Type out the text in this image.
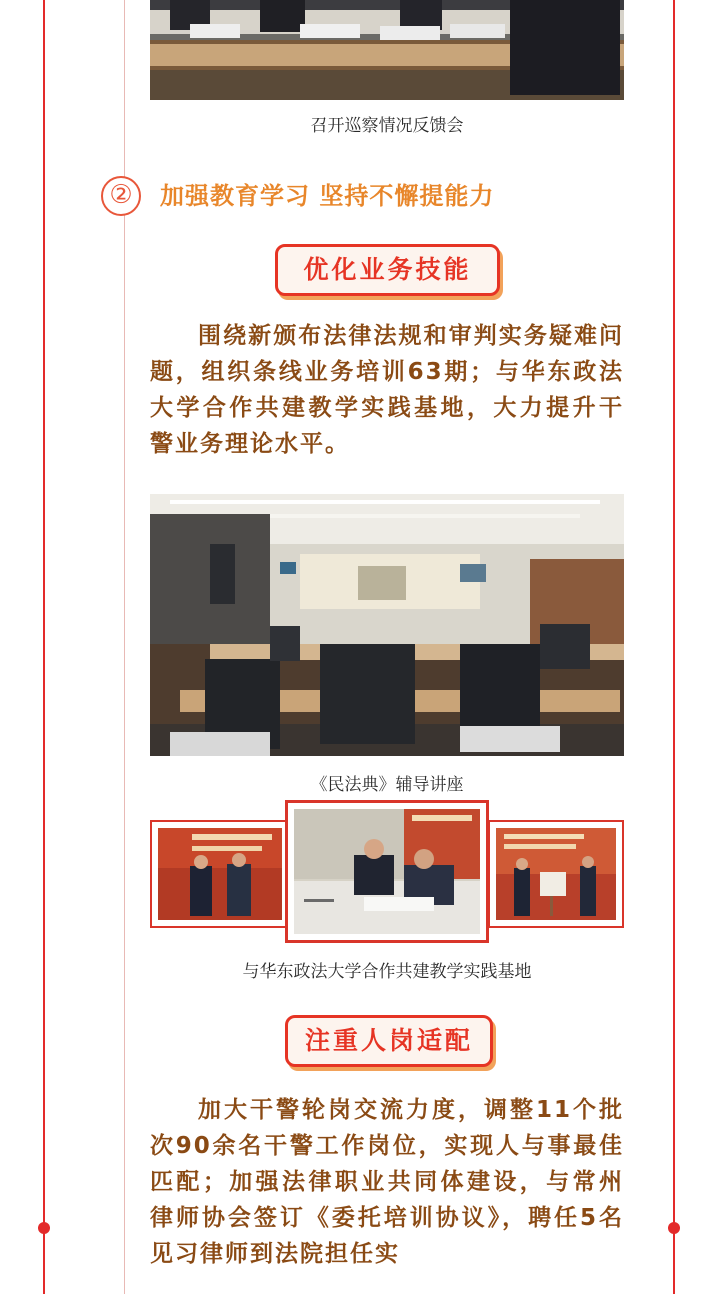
召开巡察情况反馈会
②	加强教育学习 坚持不懈提能力
优化业务技能
围绕新颁布法律法规和审判实务疑难问题，组织条线业务培训63期；与华东政法大学合作共建教学实践基地，大力提升干警业务理论水平。
《民法典》辅导讲座
与华东政法大学合作共建教学实践基地
注重人岗适配
加大干警轮岗交流力度，调整11个批次90余名干警工作岗位，实现人与事最佳匹配；加强法律职业共同体建设，与常州律师协会签订《委托培训协议》，聘任5名见习律师到法院担任实
